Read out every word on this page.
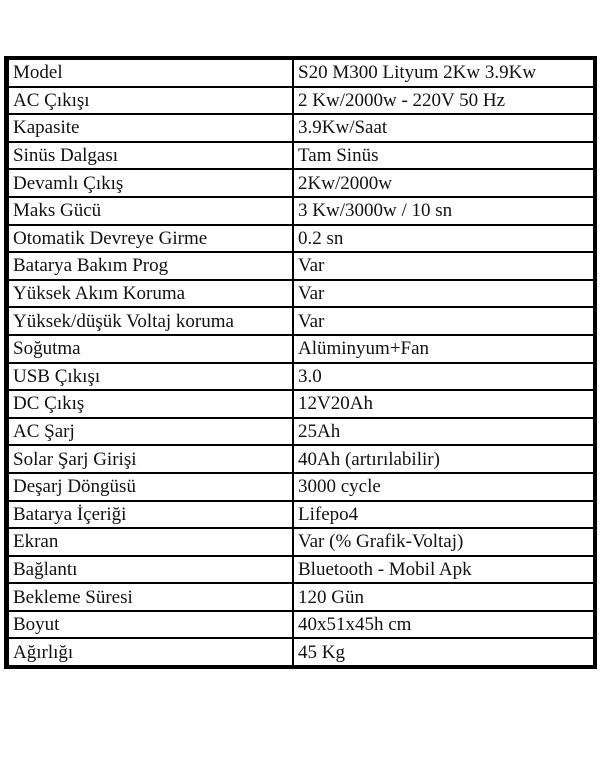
Model	S20 M300 Lityum 2Kw 3.9Kw
AC Çıkışı	2 Kw/2000w - 220V 50 Hz
Kapasite	3.9Kw/Saat
Sinüs Dalgası	Tam Sinüs
Devamlı Çıkış	2Kw/2000w
Maks Gücü	3 Kw/3000w / 10 sn
Otomatik Devreye Girme	0.2 sn
Batarya Bakım Prog	Var
Yüksek Akım Koruma	Var
Yüksek/düşük Voltaj koruma	Var
Soğutma	Alüminyum+Fan
USB Çıkışı	3.0
DC Çıkış	12V20Ah
AC Şarj	25Ah
Solar Şarj Girişi	40Ah (artırılabilir)
Deşarj Döngüsü	3000 cycle
Batarya İçeriği	Lifepo4
Ekran	Var (% Grafik-Voltaj)
Bağlantı	Bluetooth - Mobil Apk
Bekleme Süresi	120 Gün
Boyut	40x51x45h cm
Ağırlığı	45 Kg
